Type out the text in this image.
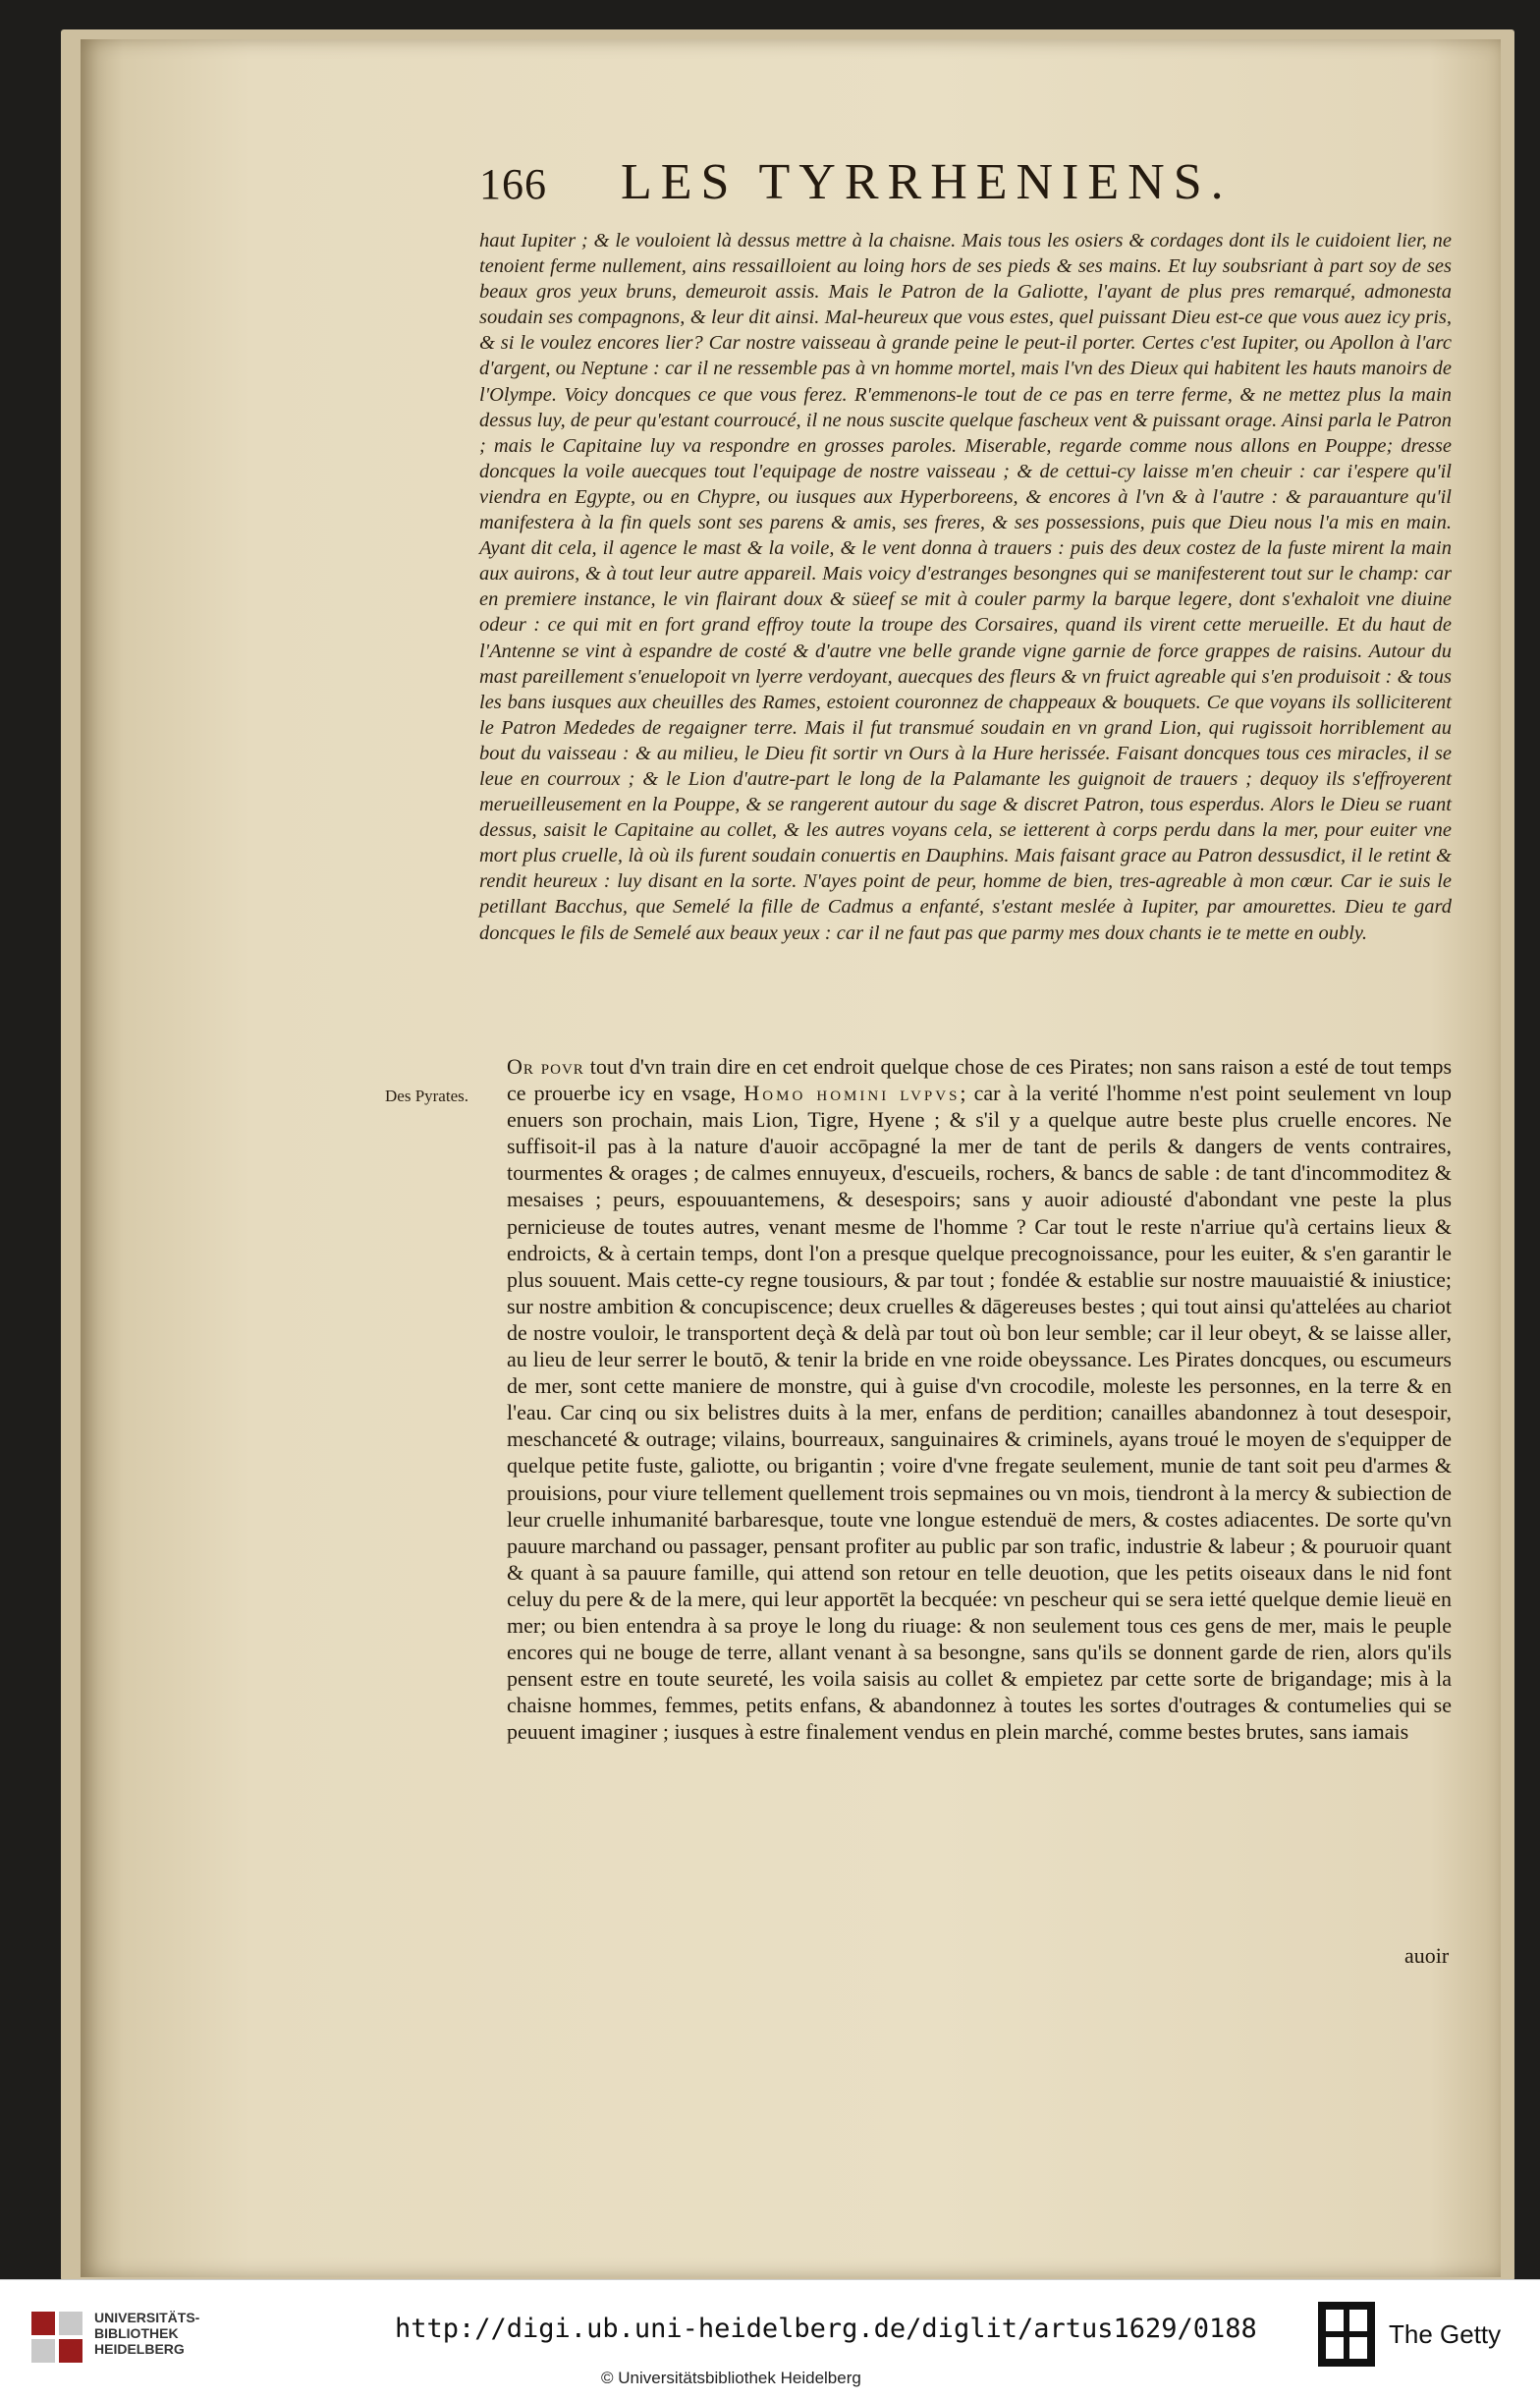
166 LES TYRRHENIENS.
haut Iupiter ; & le vouloient là dessus mettre à la chaisne. Mais tous les osiers & cordages dont ils le cuidoient lier, ne tenoient ferme nullement, ains ressailloient au loing hors de ses pieds & ses mains. Et luy soubsriant à part soy de ses beaux gros yeux bruns, demeuroit assis. Mais le Patron de la Galiotte, l'ayant de plus pres remarqué, admonesta soudain ses compagnons, & leur dit ainsi. Mal-heureux que vous estes, quel puissant Dieu est-ce que vous auez icy pris, & si le voulez encores lier? Car nostre vaisseau à grande peine le peut-il porter. Certes c'est Iupiter, ou Apollon à l'arc d'argent, ou Neptune : car il ne ressemble pas à vn homme mortel, mais l'vn des Dieux qui habitent les hauts manoirs de l'Olympe. Voicy doncques ce que vous ferez. R'emmenons-le tout de ce pas en terre ferme, & ne mettez plus la main dessus luy, de peur qu'estant courroucé, il ne nous suscite quelque fascheux vent & puissant orage. Ainsi parla le Patron ; mais le Capitaine luy va respondre en grosses paroles. Miserable, regarde comme nous allons en Pouppe; dresse doncques la voile auecques tout l'equipage de nostre vaisseau ; & de cettui-cy laisse m'en cheuir : car i'espere qu'il viendra en Egypte, ou en Chypre, ou iusques aux Hyperboreens, & encores à l'vn & à l'autre : & parauanture qu'il manifestera à la fin quels sont ses parens & amis, ses freres, & ses possessions, puis que Dieu nous l'a mis en main. Ayant dit cela, il agence le mast & la voile, & le vent donna à trauers : puis des deux costez de la fuste mirent la main aux auirons, & à tout leur autre appareil. Mais voicy d'estranges besongnes qui se manifesterent tout sur le champ: car en premiere instance, le vin flairant doux & süeef se mit à couler parmy la barque legere, dont s'exhaloit vne diuine odeur : ce qui mit en fort grand effroy toute la troupe des Corsaires, quand ils virent cette merueille. Et du haut de l'Antenne se vint à espandre de costé & d'autre vne belle grande vigne garnie de force grappes de raisins. Autour du mast pareillement s'enuelopoit vn lyerre verdoyant, auecques des fleurs & vn fruict agreable qui s'en produisoit : & tous les bans iusques aux cheuilles des Rames, estoient couronnez de chappeaux & bouquets. Ce que voyans ils solliciterent le Patron Mededes de regaigner terre. Mais il fut transmué soudain en vn grand Lion, qui rugissoit horriblement au bout du vaisseau : & au milieu, le Dieu fit sortir vn Ours à la Hure herissée. Faisant doncques tous ces miracles, il se leue en courroux ; & le Lion d'autre-part le long de la Palamante les guignoit de trauers ; dequoy ils s'effroyerent merueilleusement en la Pouppe, & se rangerent autour du sage & discret Patron, tous esperdus. Alors le Dieu se ruant dessus, saisit le Capitaine au collet, & les autres voyans cela, se ietterent à corps perdu dans la mer, pour euiter vne mort plus cruelle, là où ils furent soudain conuertis en Dauphins. Mais faisant grace au Patron dessusdict, il le retint & rendit heureux : luy disant en la sorte. N'ayes point de peur, homme de bien, tres-agreable à mon cœur. Car ie suis le petillant Bacchus, que Semelé la fille de Cadmus a enfanté, s'estant meslée à Iupiter, par amourettes. Dieu te gard doncques le fils de Semelé aux beaux yeux : car il ne faut pas que parmy mes doux chants ie te mette en oubly.
Des Pyrates.
Or povr tout d'vn train dire en cet endroit quelque chose de ces Pirates; non sans raison a esté de tout temps ce prouerbe icy en vsage, Homo homini lvpvs; car à la verité l'homme n'est point seulement vn loup enuers son prochain, mais Lion, Tigre, Hyene ; & s'il y a quelque autre beste plus cruelle encores. Ne suffisoit-il pas à la nature d'auoir accōpagné la mer de tant de perils & dangers de vents contraires, tourmentes & orages ; de calmes ennuyeux, d'escueils, rochers, & bancs de sable : de tant d'incommoditez & mesaises ; peurs, espouuantemens, & desespoirs; sans y auoir adiousté d'abondant vne peste la plus pernicieuse de toutes autres, venant mesme de l'homme ? Car tout le reste n'arriue qu'à certains lieux & endroicts, & à certain temps, dont l'on a presque quelque precognoissance, pour les euiter, & s'en garantir le plus souuent. Mais cette-cy regne tousiours, & par tout ; fondée & establie sur nostre mauuaistié & iniustice; sur nostre ambition & concupiscence; deux cruelles & dāgereuses bestes ; qui tout ainsi qu'attelées au chariot de nostre vouloir, le transportent deçà & delà par tout où bon leur semble; car il leur obeyt, & se laisse aller, au lieu de leur serrer le boutō, & tenir la bride en vne roide obeyssance. Les Pirates doncques, ou escumeurs de mer, sont cette maniere de monstre, qui à guise d'vn crocodile, moleste les personnes, en la terre & en l'eau. Car cinq ou six belistres duits à la mer, enfans de perdition; canailles abandonnez à tout desespoir, meschanceté & outrage; vilains, bourreaux, sanguinaires & criminels, ayans troué le moyen de s'equipper de quelque petite fuste, galiotte, ou brigantin ; voire d'vne fregate seulement, munie de tant soit peu d'armes & prouisions, pour viure tellement quellement trois sepmaines ou vn mois, tiendront à la mercy & subiection de leur cruelle inhumanité barbaresque, toute vne longue estenduë de mers, & costes adiacentes. De sorte qu'vn pauure marchand ou passager, pensant profiter au public par son trafic, industrie & labeur ; & pouruoir quant & quant à sa pauure famille, qui attend son retour en telle deuotion, que les petits oiseaux dans le nid font celuy du pere & de la mere, qui leur apportēt la becquée: vn pescheur qui se sera ietté quelque demie lieuë en mer; ou bien entendra à sa proye le long du riuage: & non seulement tous ces gens de mer, mais le peuple encores qui ne bouge de terre, allant venant à sa besongne, sans qu'ils se donnent garde de rien, alors qu'ils pensent estre en toute seureté, les voila saisis au collet & empietez par cette sorte de brigandage; mis à la chaisne hommes, femmes, petits enfans, & abandonnez à toutes les sortes d'outrages & contumelies qui se peuuent imaginer ; iusques à estre finalement vendus en plein marché, comme bestes brutes, sans iamais
auoir
UNIVERSITÄTS-
BIBLIOTHEK
HEIDELBERG
http://digi.ub.uni-heidelberg.de/diglit/artus1629/0188
© Universitätsbibliothek Heidelberg
The Getty
